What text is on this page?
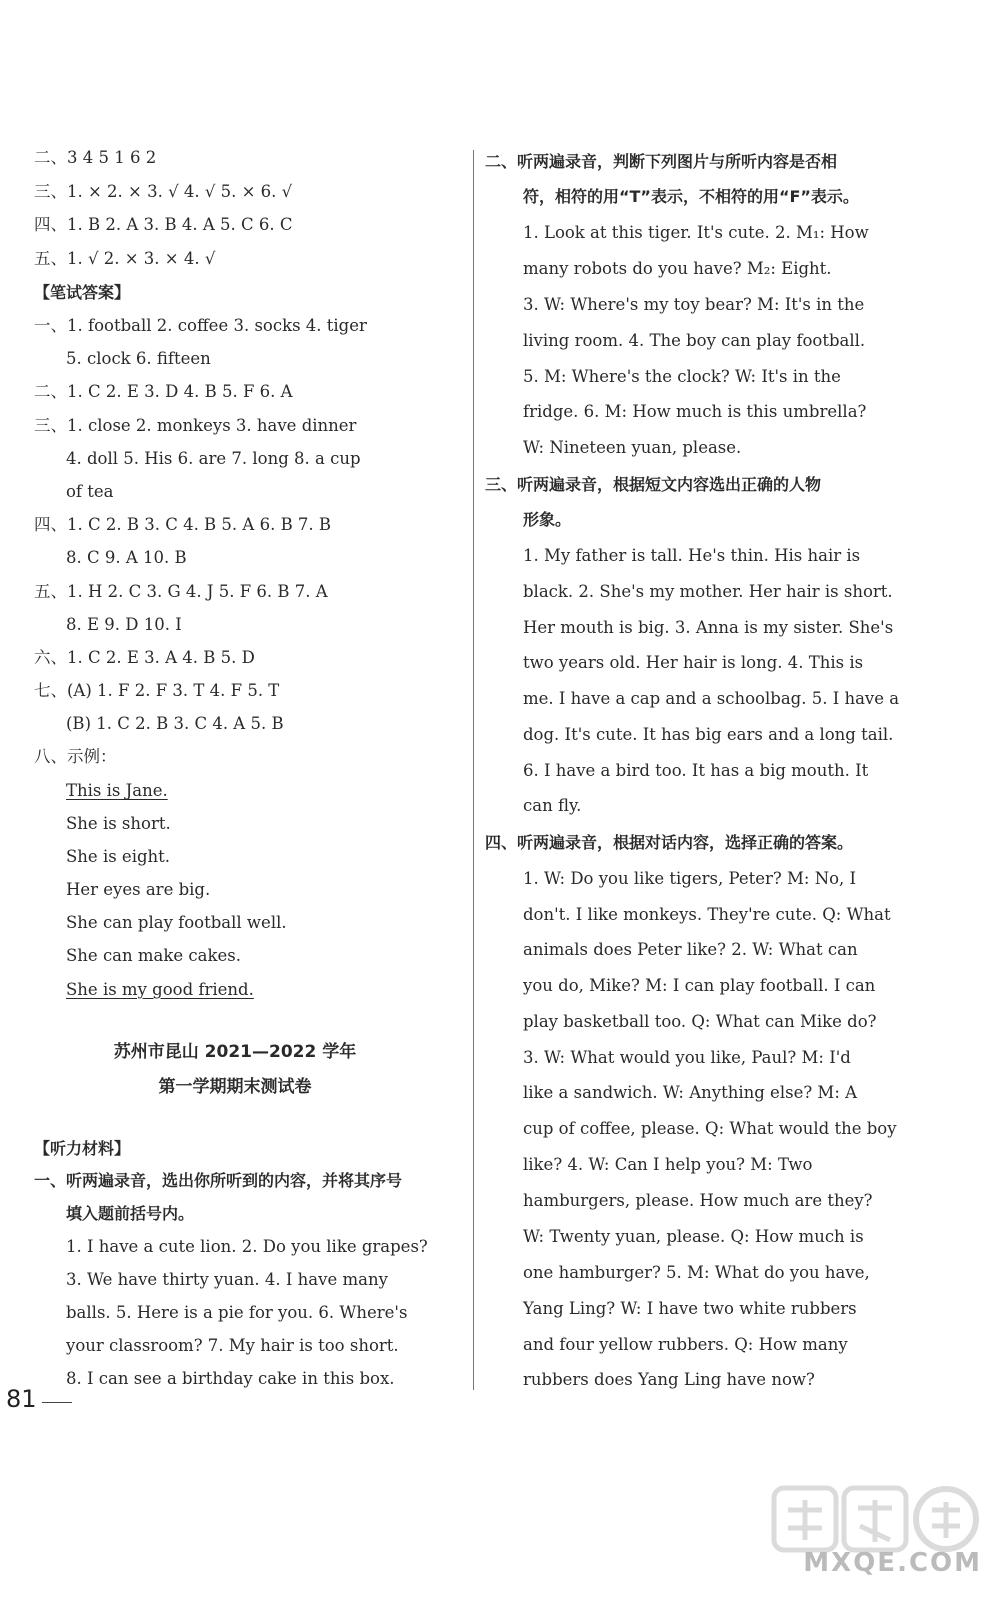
二、3 4 5 1 6 2
三、1. × 2. × 3. √ 4. √ 5. × 6. √
四、1. B 2. A 3. B 4. A 5. C 6. C
五、1. √ 2. × 3. × 4. √
【笔试答案】
一、1. football 2. coffee 3. socks 4. tiger
5. clock 6. fifteen
二、1. C 2. E 3. D 4. B 5. F 6. A
三、1. close 2. monkeys 3. have dinner
4. doll 5. His 6. are 7. long 8. a cup
of tea
四、1. C 2. B 3. C 4. B 5. A 6. B 7. B
8. C 9. A 10. B
五、1. H 2. C 3. G 4. J 5. F 6. B 7. A
8. E 9. D 10. I
六、1. C 2. E 3. A 4. B 5. D
七、(A) 1. F 2. F 3. T 4. F 5. T
(B) 1. C 2. B 3. C 4. A 5. B
八、示例：
This is Jane.
She is short.
She is eight.
Her eyes are big.
She can play football well.
She can make cakes.
She is my good friend.
苏州市昆山 2021—2022 学年
第一学期期末测试卷
【听力材料】
一、听两遍录音，选出你所听到的内容，并将其序号
填入题前括号内。
1. I have a cute lion. 2. Do you like grapes?
3. We have thirty yuan. 4. I have many
balls. 5. Here is a pie for you. 6. Where's
your classroom? 7. My hair is too short.
8. I can see a birthday cake in this box.
二、听两遍录音，判断下列图片与所听内容是否相
符，相符的用“T”表示，不相符的用“F”表示。
1. Look at this tiger. It's cute. 2. M₁: How
many robots do you have? M₂: Eight.
3. W: Where's my toy bear? M: It's in the
living room. 4. The boy can play football.
5. M: Where's the clock? W: It's in the
fridge. 6. M: How much is this umbrella?
W: Nineteen yuan, please.
三、听两遍录音，根据短文内容选出正确的人物
形象。
1. My father is tall. He's thin. His hair is
black. 2. She's my mother. Her hair is short.
Her mouth is big. 3. Anna is my sister. She's
two years old. Her hair is long. 4. This is
me. I have a cap and a schoolbag. 5. I have a
dog. It's cute. It has big ears and a long tail.
6. I have a bird too. It has a big mouth. It
can fly.
四、听两遍录音，根据对话内容，选择正确的答案。
1. W: Do you like tigers, Peter? M: No, I
don't. I like monkeys. They're cute. Q: What
animals does Peter like? 2. W: What can
you do, Mike? M: I can play football. I can
play basketball too. Q: What can Mike do?
3. W: What would you like, Paul? M: I'd
like a sandwich. W: Anything else? M: A
cup of coffee, please. Q: What would the boy
like? 4. W: Can I help you? M: Two
hamburgers, please. How much are they?
W: Twenty yuan, please. Q: How much is
one hamburger? 5. M: What do you have,
Yang Ling? W: I have two white rubbers
and four yellow rubbers. Q: How many
rubbers does Yang Ling have now?
81
MXQE.COM
